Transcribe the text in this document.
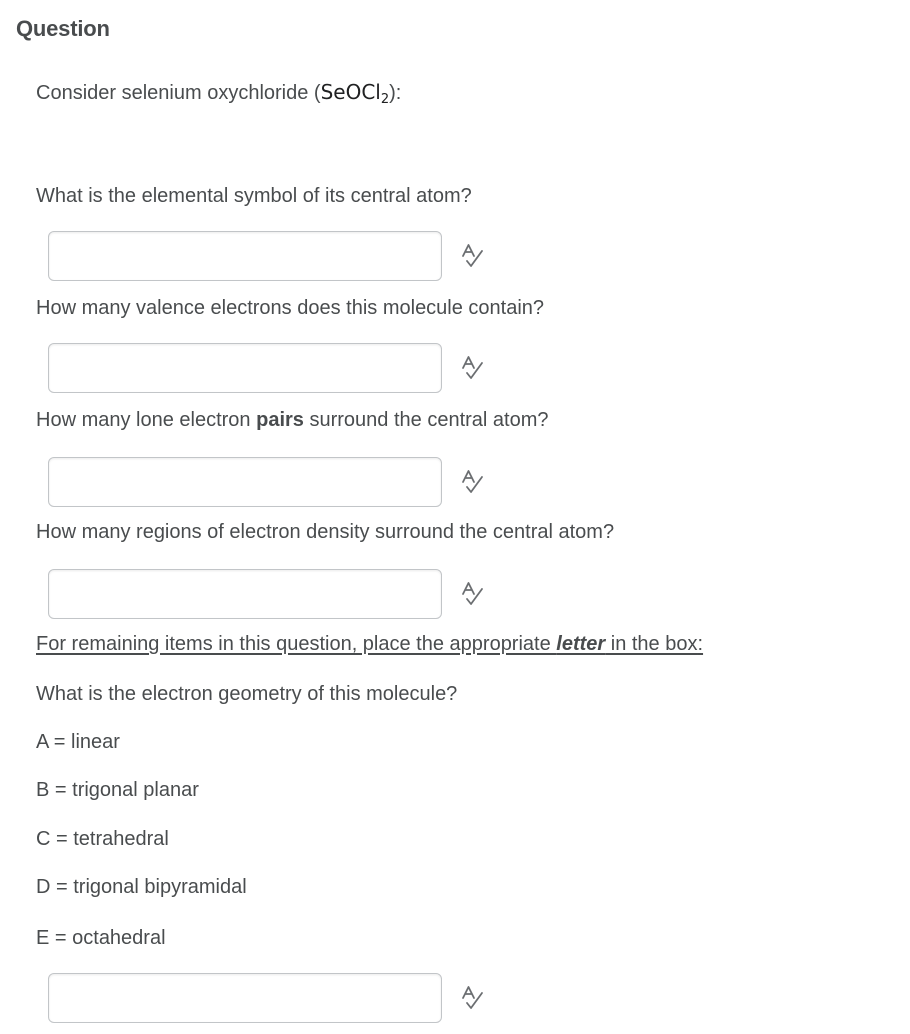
Question
Consider selenium oxychloride (SeOCl$_2$):
What is the elemental symbol of its central atom?
How many valence electrons does this molecule contain?
How many lone electron pairs surround the central atom?
How many regions of electron density surround the central atom?
For remaining items in this question, place the appropriate letter in the box:
What is the electron geometry of this molecule?
A = linear
B = trigonal planar
C = tetrahedral
D = trigonal bipyramidal
E = octahedral
